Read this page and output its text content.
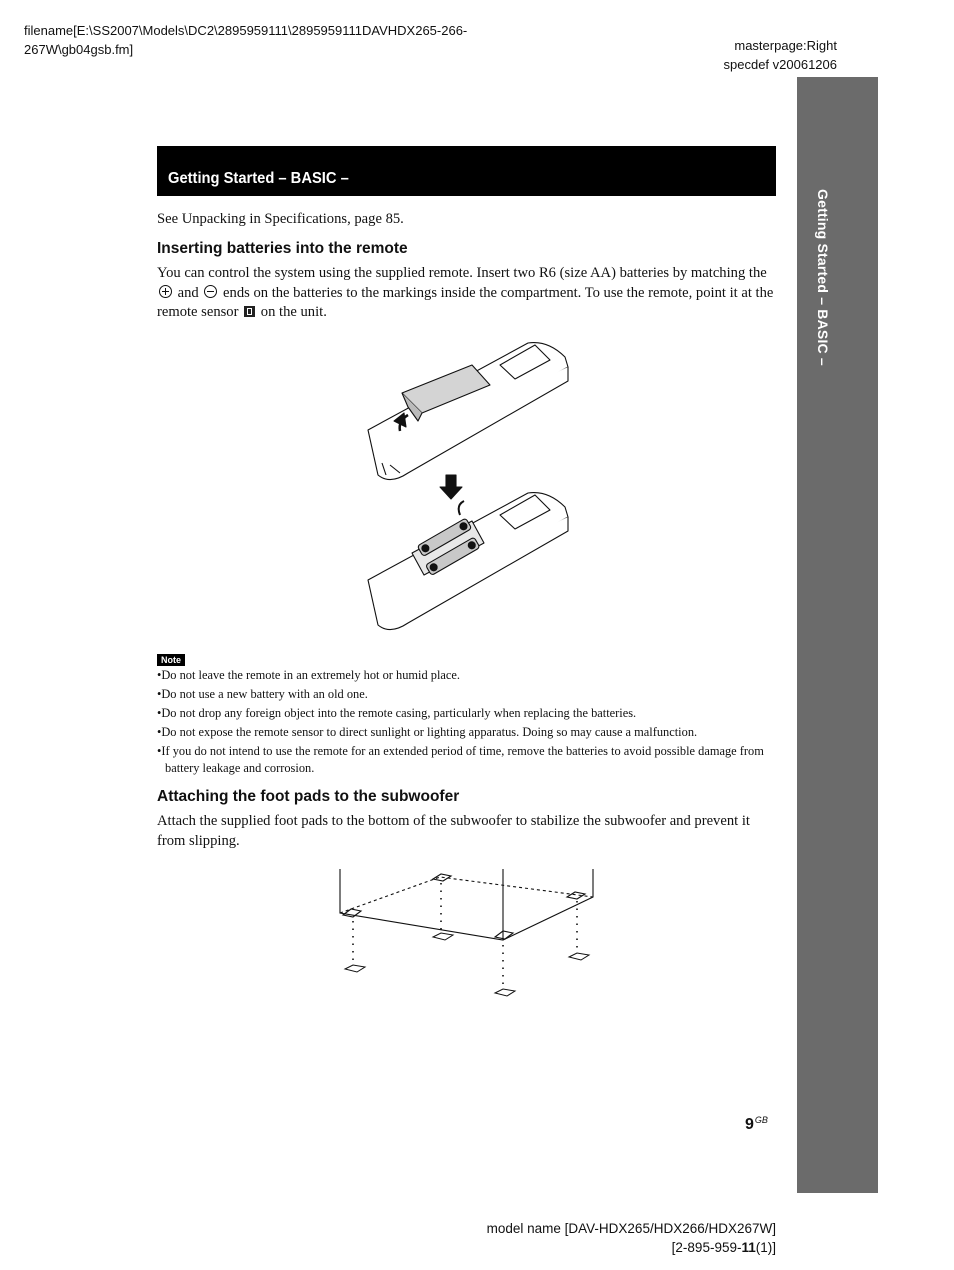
filename[E:\SS2007\Models\DC2\2895959111\2895959111DAVHDX265-266-267W\gb04gsb.fm]	masterpage:Right
specdef v20061206
Getting Started – BASIC –
Getting Started – BASIC –
See Unpacking in Specifications, page 85.
Inserting batteries into the remote
You can control the system using the supplied remote. Insert two R6 (size AA) batteries by matching the  and ends on the batteries to the markings inside the compartment. To use the remote, point it at the remote sensor on the unit.
Note
• Do not leave the remote in an extremely hot or humid place.
• Do not use a new battery with an old one.
• Do not drop any foreign object into the remote casing, particularly when replacing the batteries.
• Do not expose the remote sensor to direct sunlight or lighting apparatus. Doing so may cause a malfunction.
• If you do not intend to use the remote for an extended period of time, remove the batteries to avoid possible damage from battery leakage and corrosion.
Attaching the foot pads to the subwoofer
Attach the supplied foot pads to the bottom of the subwoofer to stabilize the subwoofer and prevent it from slipping.
$9^{GB}$
model name [DAV-HDX265/HDX266/HDX267W]
[2-895-959-11(1)]
